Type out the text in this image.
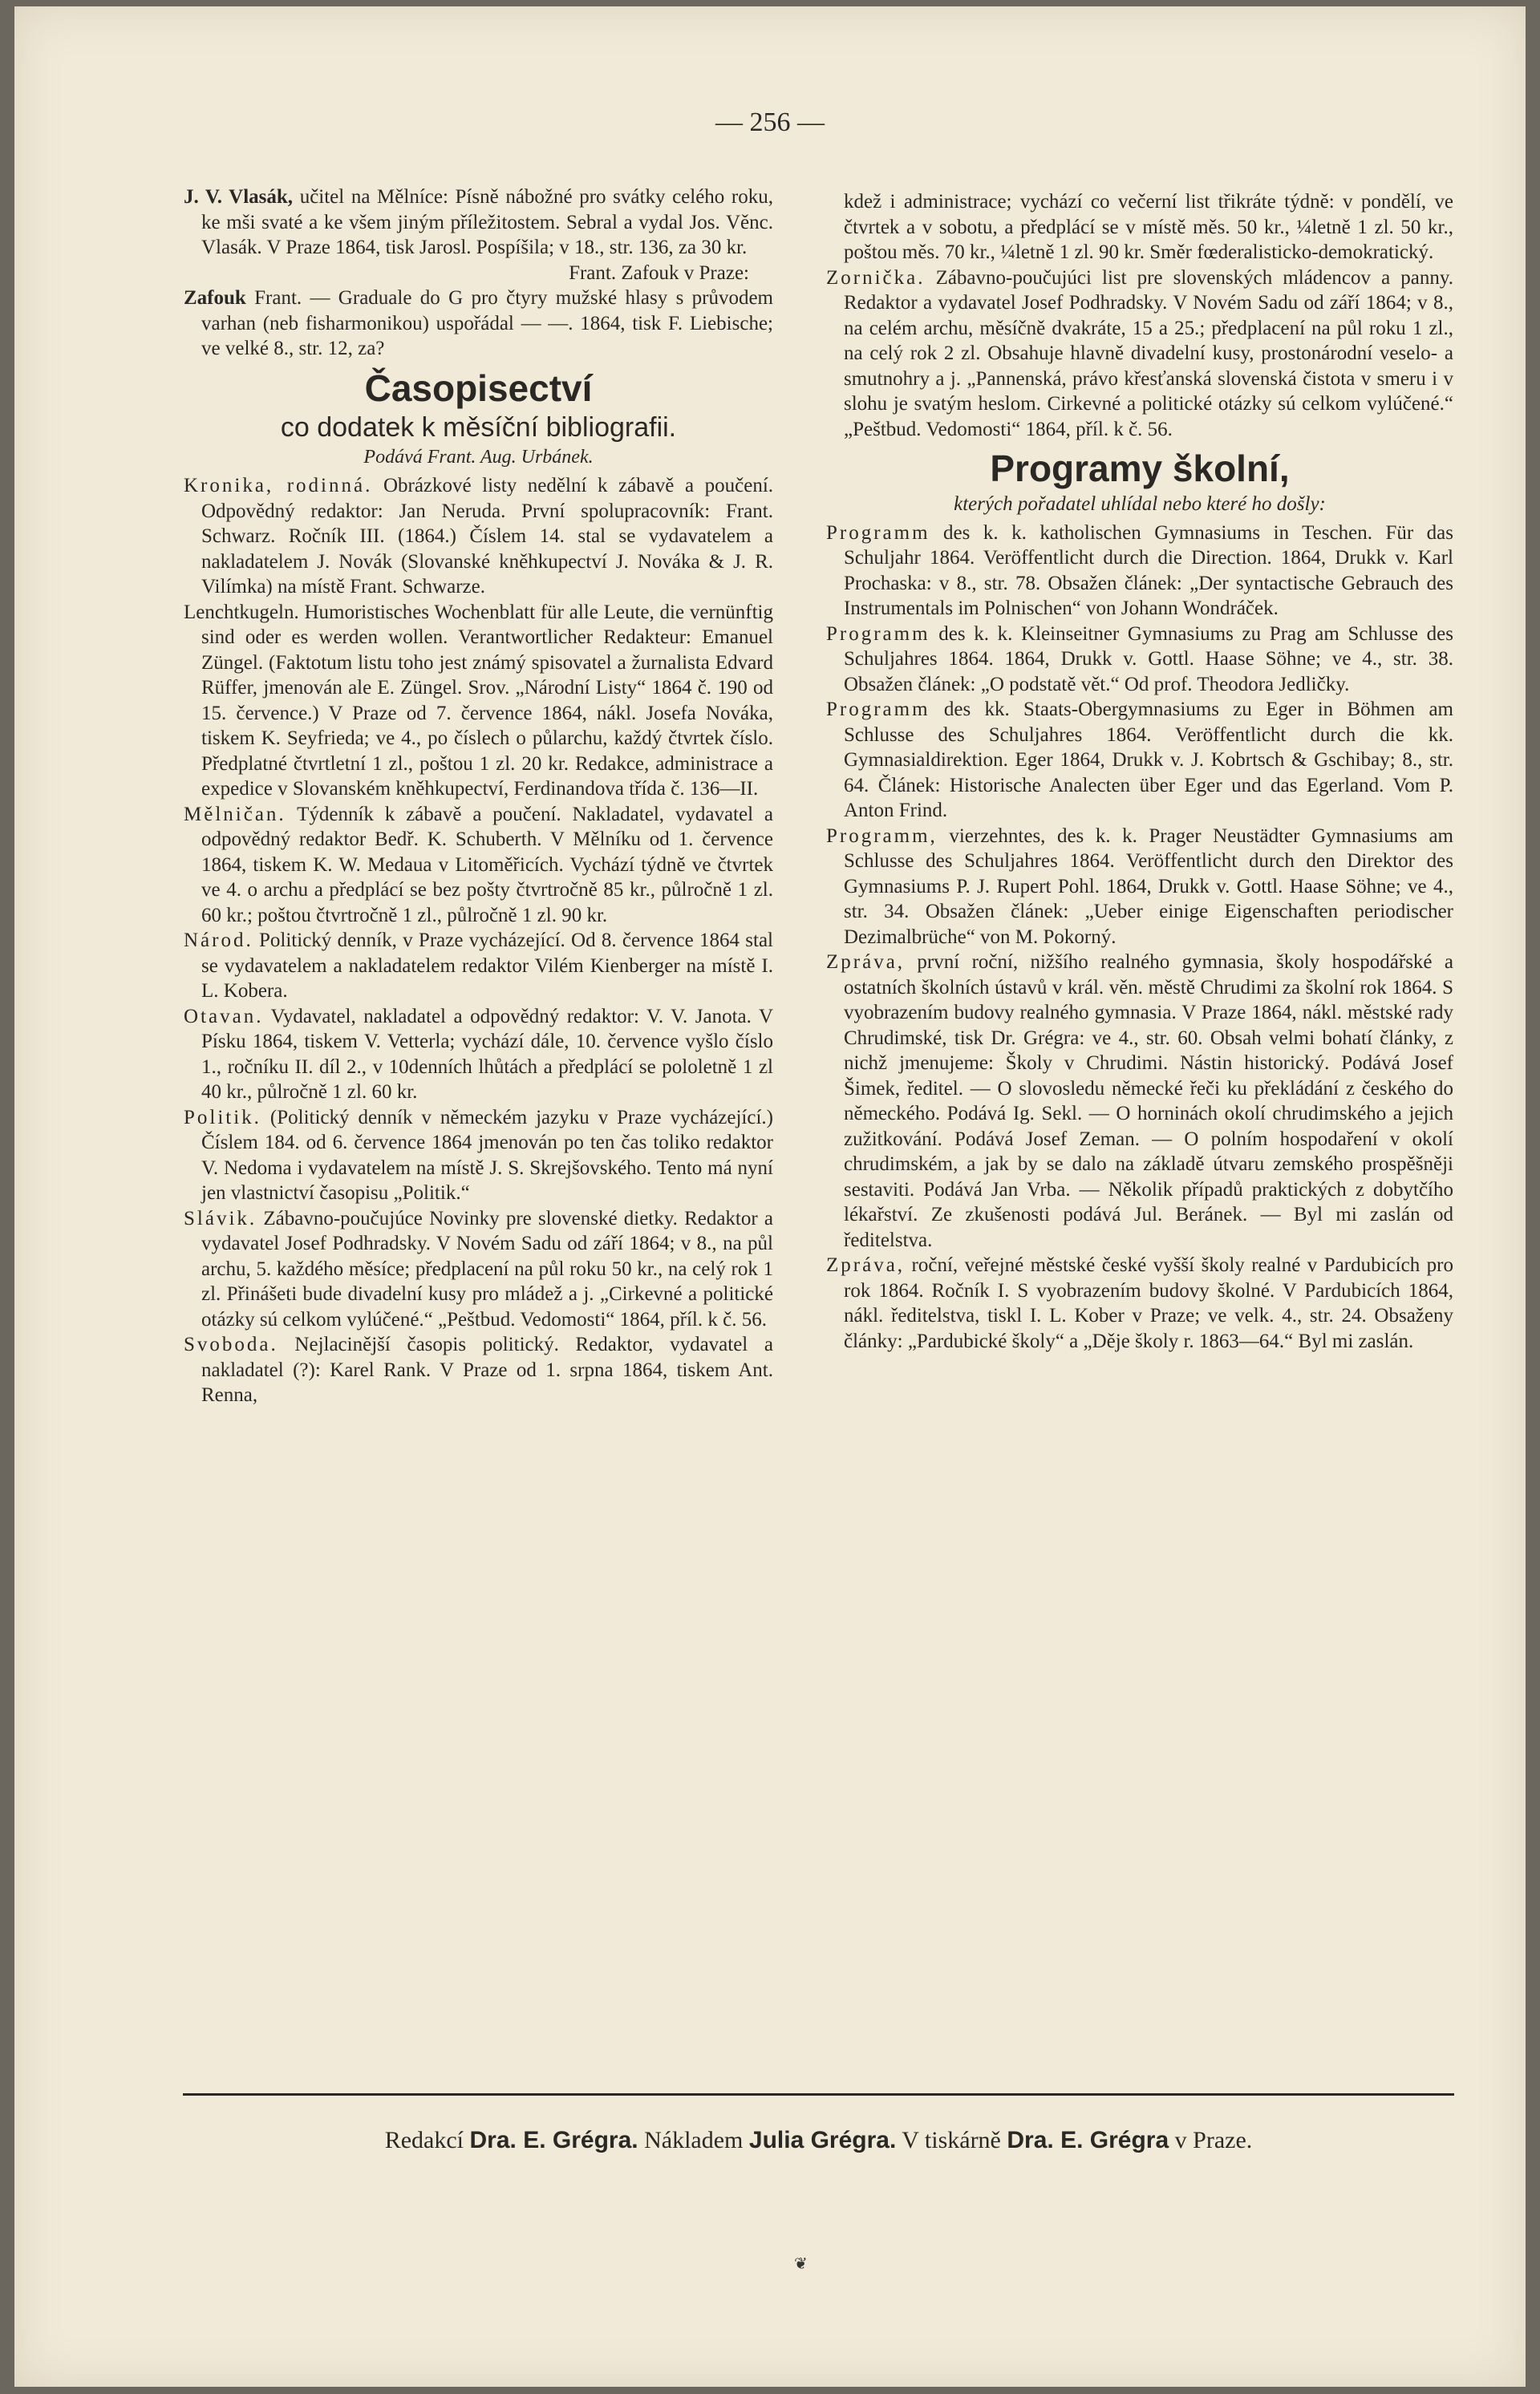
— 256 —

J. V. Vlasák, učitel na Mělníce: Písně nábožné pro svátky celého roku, ke mši svaté a ke všem jiným příležitostem. Sebral a vydal Jos. Věnc. Vlasák. V Praze 1864, tisk Jarosl. Pospíšila; v 18., str. 136, za 30 kr.

Frant. Zafouk v Praze:

Zafouk Frant. — Graduale do G pro čtyry mužské hlasy s průvodem varhan (neb fisharmonikou) uspořádal — —. 1864, tisk F. Liebische; ve velké 8., str. 12, za?

Časopisectví
co dodatek k měsíční bibliografii.
Podává Frant. Aug. Urbánek.

Kronika, rodinná. Obrázkové listy nedělní k zábavě a poučení. Odpovědný redaktor: Jan Neruda. První spolupracovník: Frant. Schwarz. Ročník III. (1864.) Číslem 14. stal se vydavatelem a nakladatelem J. Novák (Slovanské kněhkupectví J. Nováka & J. R. Vilímka) na místě Frant. Schwarze.

Lenchtkugeln. Humoristisches Wochenblatt für alle Leute, die vernünftig sind oder es werden wollen. Verantwortlicher Redakteur: Emanuel Züngel. (Faktotum listu toho jest známý spisovatel a žurnalista Edvard Rüffer, jmenován ale E. Züngel. Srov. „Národní Listy“ 1864 č. 190 od 15. července.) V Praze od 7. července 1864, nákl. Josefa Nováka, tiskem K. Seyfrieda; ve 4., po číslech o půlarchu, každý čtvrtek číslo. Předplatné čtvrtletní 1 zl., poštou 1 zl. 20 kr. Redakce, administrace a expedice v Slovanském kněhkupectví, Ferdinandova třída č. 136—II.

Mělničan. Týdenník k zábavě a poučení. Nakladatel, vydavatel a odpovědný redaktor Bedř. K. Schuberth. V Mělníku od 1. července 1864, tiskem K. W. Medaua v Litoměřicích. Vychází týdně ve čtvrtek ve 4. o archu a předplácí se bez pošty čtvrtročně 85 kr., půlročně 1 zl. 60 kr.; poštou čtvrtročně 1 zl., půlročně 1 zl. 90 kr.

Národ. Politický denník, v Praze vycházející. Od 8. července 1864 stal se vydavatelem a nakladatelem redaktor Vilém Kienberger na místě I. L. Kobera.

Otavan. Vydavatel, nakladatel a odpovědný redaktor: V. V. Janota. V Písku 1864, tiskem V. Vetterla; vychází dále, 10. července vyšlo číslo 1., ročníku II. díl 2., v 10denních lhůtách a předplácí se pololetně 1 zl 40 kr., půlročně 1 zl. 60 kr.

Politik. (Politický denník v německém jazyku v Praze vycházející.) Číslem 184. od 6. července 1864 jmenován po ten čas toliko redaktor V. Nedoma i vydavatelem na místě J. S. Skrejšovského. Tento má nyní jen vlastnictví časopisu „Politik.“

Slávik. Zábavno-poučujúce Novinky pre slovenské dietky. Redaktor a vydavatel Josef Podhradsky. V Novém Sadu od září 1864; v 8., na půl archu, 5. každého měsíce; předplacení na půl roku 50 kr., na celý rok 1 zl. Přinášeti bude divadelní kusy pro mládež a j. „Cirkevné a politické otázky sú celkom vylúčené.“ „Peštbud. Vedomosti“ 1864, příl. k č. 56.

Svoboda. Nejlacinější časopis politický. Redaktor, vydavatel a nakladatel (?): Karel Rank. V Praze od 1. srpna 1864, tiskem Ant. Renna,

kdež i administrace; vychází co večerní list třikráte týdně: v pondělí, ve čtvrtek a v sobotu, a předplácí se v místě měs. 50 kr., ¼letně 1 zl. 50 kr., poštou měs. 70 kr., ¼letně 1 zl. 90 kr. Směr fœderalisticko-demokratický.

Zornička. Zábavno-poučujúci list pre slovenských mládencov a panny. Redaktor a vydavatel Josef Podhradsky. V Novém Sadu od září 1864; v 8., na celém archu, měsíčně dvakráte, 15 a 25.; předplacení na půl roku 1 zl., na celý rok 2 zl. Obsahuje hlavně divadelní kusy, prostonárodní veselo- a smutnohry a j. „Pannenská, právo křesťanská slovenská čistota v smeru i v slohu je svatým heslom. Cirkevné a politické otázky sú celkom vylúčené.“ „Peštbud. Vedomosti“ 1864, příl. k č. 56.

Programy školní,
kterých pořadatel uhlídal nebo které ho došly:

Programm des k. k. katholischen Gymnasiums in Teschen. Für das Schuljahr 1864. Veröffentlicht durch die Direction. 1864, Drukk v. Karl Prochaska: v 8., str. 78. Obsažen článek: „Der syntactische Gebrauch des Instrumentals im Polnischen“ von Johann Wondráček.

Programm des k. k. Kleinseitner Gymnasiums zu Prag am Schlusse des Schuljahres 1864. 1864, Drukk v. Gottl. Haase Söhne; ve 4., str. 38. Obsažen článek: „O podstatě vět.“ Od prof. Theodora Jedličky.

Programm des kk. Staats-Obergymnasiums zu Eger in Böhmen am Schlusse des Schuljahres 1864. Veröffentlicht durch die kk. Gymnasialdirektion. Eger 1864, Drukk v. J. Kobrtsch & Gschibay; 8., str. 64. Článek: Historische Analecten über Eger und das Egerland. Vom P. Anton Frind.

Programm, vierzehntes, des k. k. Prager Neustädter Gymnasiums am Schlusse des Schuljahres 1864. Veröffentlicht durch den Direktor des Gymnasiums P. J. Rupert Pohl. 1864, Drukk v. Gottl. Haase Söhne; ve 4., str. 34. Obsažen článek: „Ueber einige Eigenschaften periodischer Dezimalbrüche“ von M. Pokorný.

Zpráva, první roční, nižšího realného gymnasia, školy hospodářské a ostatních školních ústavů v král. věn. městě Chrudimi za školní rok 1864. S vyobrazením budovy realného gymnasia. V Praze 1864, nákl. městské rady Chrudimské, tisk Dr. Grégra: ve 4., str. 60. Obsah velmi bohatí články, z nichž jmenujeme: Školy v Chrudimi. Nástin historický. Podává Josef Šimek, ředitel. — O slovosledu německé řeči ku překládání z českého do německého. Podává Ig. Sekl. — O horninách okolí chrudimského a jejich zužitkování. Podává Josef Zeman. — O polním hospodaření v okolí chrudimském, a jak by se dalo na základě útvaru zemského prospěšněji sestaviti. Podává Jan Vrba. — Několik případů praktických z dobytčího lékařství. Ze zkušenosti podává Jul. Beránek. — Byl mi zaslán od ředitelstva.

Zpráva, roční, veřejné městské české vyšší školy realné v Pardubicích pro rok 1864. Ročník I. S vyobrazením budovy školné. V Pardubicích 1864, nákl. ředitelstva, tiskl I. L. Kober v Praze; ve velk. 4., str. 24. Obsaženy články: „Pardubické školy“ a „Děje školy r. 1863—64.“ Byl mi zaslán.

Redakcí Dra. E. Grégra. Nákladem Julia Grégra. V tiskárně Dra. E. Grégra v Praze.
❦
